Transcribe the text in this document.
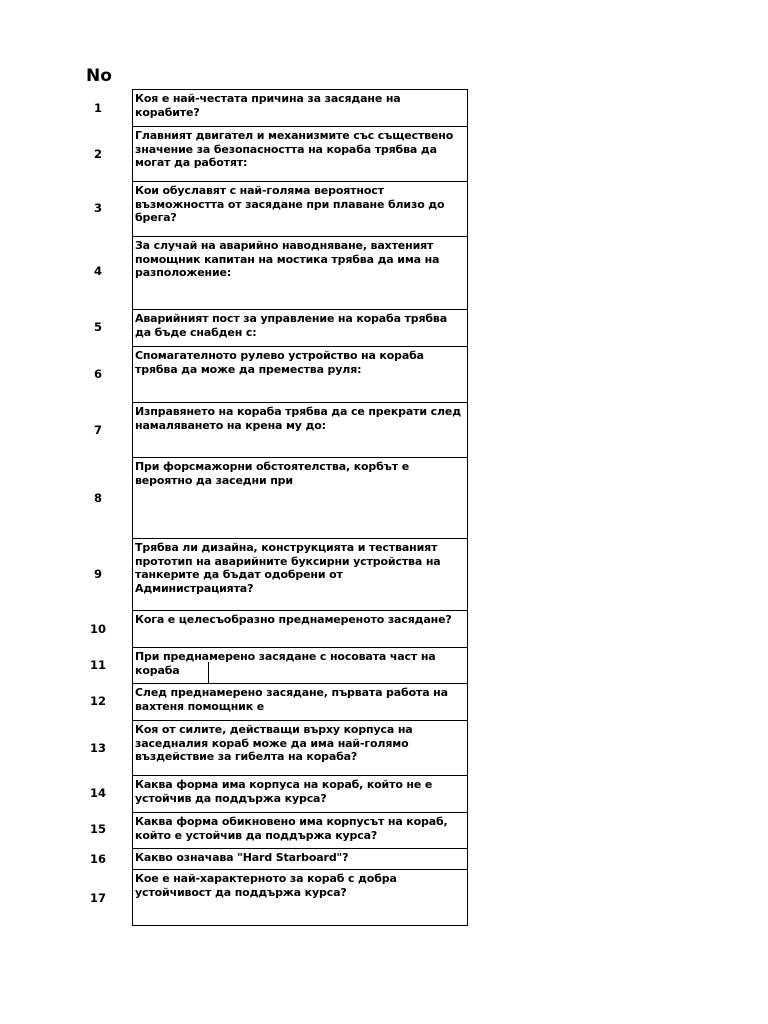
No
1
Коя е най-честата причина за засядане на корабите?
2
Главният двигател и механизмите със съществено значение за безопасността на кораба трябва да могат да работят:
3
Кои обуславят с най-голяма вероятност възможността от засядане при плаване близо до брега?
4
За случай на аварийно наводняване, вахтеният помощник капитан на мостика трябва да има на разположение:
5
Аварийният пост за управление на кораба трябва да бъде снабден с:
6
Спомагателното рулево устройство на кораба трябва да може да премества руля:
7
Изправянето на кораба трябва да се прекрати след намаляването на крена му до:
8
При форсмажорни обстоятелства, корбът е вероятно да заседни при
9
Трябва ли дизайна, конструкцията и тестваният прототип на аварийните буксирни устройства на танкерите да бъдат одобрени от Администрацията?
10
Кога е целесъобразно преднамереното засядане?
11
При преднамерено засядане с носовата част на кораба
12
След преднамерено засядане, първата работа на вахтеня помощник е
13
Коя от силите, действащи върху корпуса на заседналия кораб може да има най-голямо въздействие за гибелта на кораба?
14
Каква форма има корпуса на кораб, който не е устойчив да поддържа курса?
15
Каква форма обикновено има корпусът на кораб, който е устойчив да поддържа курса?
16	Какво означава "Hard Starboard"?
17
Кое е най-характерното за кораб с добра устойчивост да поддържа курса?
